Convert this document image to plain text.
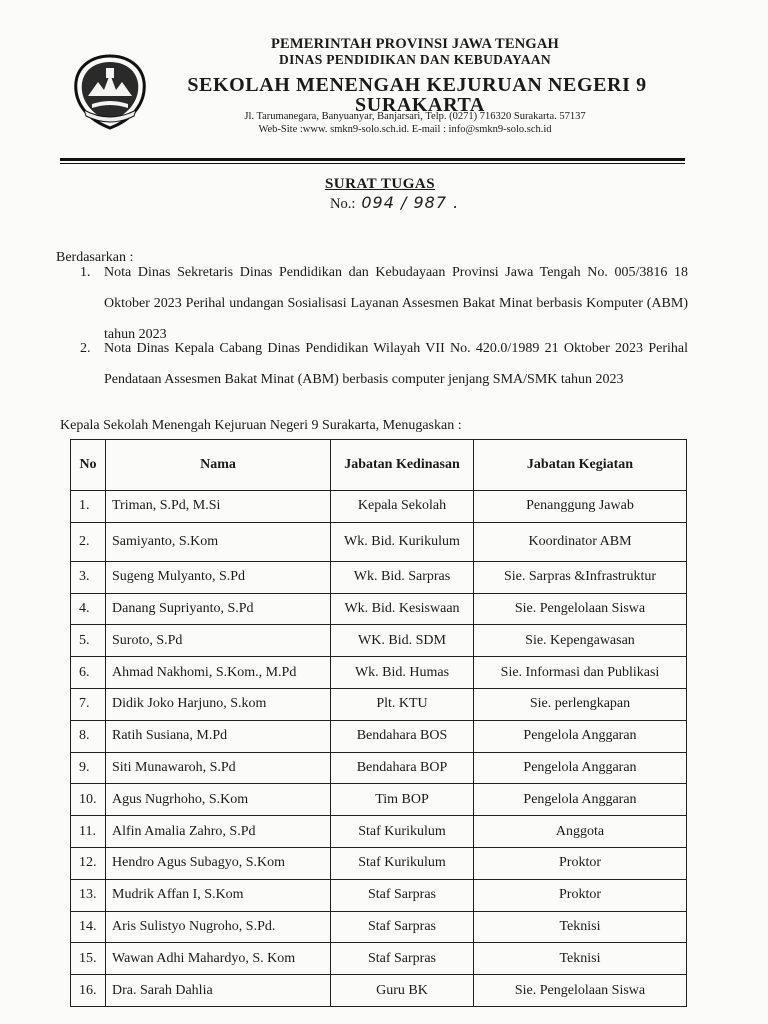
PEMERINTAH PROVINSI JAWA TENGAH
DINAS PENDIDIKAN DAN KEBUDAYAAN
SEKOLAH MENENGAH KEJURUAN NEGERI 9
SURAKARTA
Jl. Tarumanegara, Banyuanyar, Banjarsari, Telp. (0271) 716320 Surakarta. 57137
Web-Site :www. smkn9-solo.sch.id. E-mail : info@smkn9-solo.sch.id
SURAT TUGAS
No.: 094 / 987 .
Berdasarkan :
1. Nota Dinas Sekretaris Dinas Pendidikan dan Kebudayaan Provinsi Jawa Tengah No. 005/3816 18 Oktober 2023 Perihal undangan Sosialisasi Layanan Assesmen Bakat Minat berbasis Komputer (ABM) tahun 2023
2. Nota Dinas Kepala Cabang Dinas Pendidikan Wilayah VII No. 420.0/1989 21 Oktober 2023 Perihal Pendataan Assesmen Bakat Minat (ABM) berbasis computer jenjang SMA/SMK tahun 2023
Kepala Sekolah Menengah Kejuruan Negeri 9 Surakarta, Menugaskan :
No	Nama	Jabatan Kedinasan	Jabatan Kegiatan
1.	Triman, S.Pd, M.Si	Kepala Sekolah	Penanggung Jawab
2.	Samiyanto, S.Kom	Wk. Bid. Kurikulum	Koordinator ABM
3.	Sugeng Mulyanto, S.Pd	Wk. Bid. Sarpras	Sie. Sarpras &Infrastruktur
4.	Danang Supriyanto, S.Pd	Wk. Bid. Kesiswaan	Sie. Pengelolaan Siswa
5.	Suroto, S.Pd	WK. Bid. SDM	Sie. Kepengawasan
6.	Ahmad Nakhomi, S.Kom., M.Pd	Wk. Bid. Humas	Sie. Informasi dan Publikasi
7.	Didik Joko Harjuno, S.kom	Plt. KTU	Sie. perlengkapan
8.	Ratih Susiana, M.Pd	Bendahara BOS	Pengelola Anggaran
9.	Siti Munawaroh, S.Pd	Bendahara BOP	Pengelola Anggaran
10.	Agus Nugrhoho, S.Kom	Tim BOP	Pengelola Anggaran
11.	Alfin Amalia Zahro, S.Pd	Staf Kurikulum	Anggota
12.	Hendro Agus Subagyo, S.Kom	Staf Kurikulum	Proktor
13.	Mudrik Affan I, S.Kom	Staf Sarpras	Proktor
14.	Aris Sulistyo Nugroho, S.Pd.	Staf Sarpras	Teknisi
15.	Wawan Adhi Mahardyo, S. Kom	Staf Sarpras	Teknisi
16.	Dra. Sarah Dahlia	Guru BK	Sie. Pengelolaan Siswa
